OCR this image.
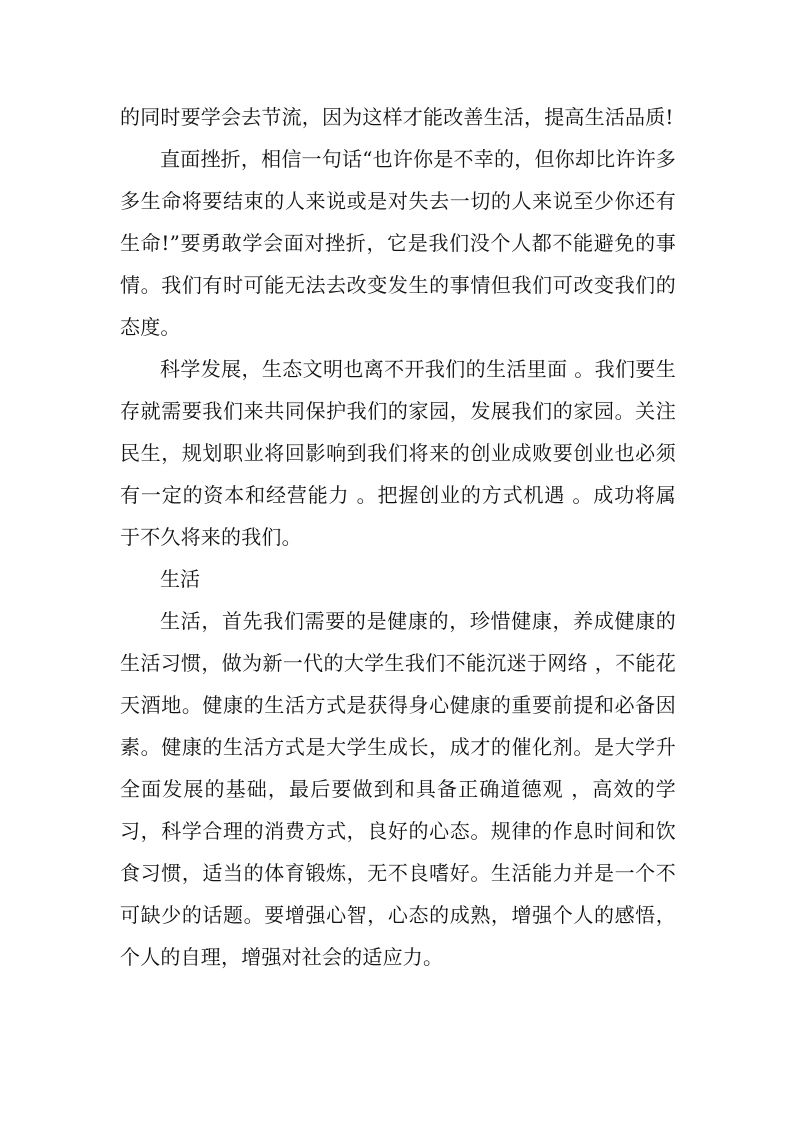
的同时要学会去节流，因为这样才能改善生活，提高生活品质!

直面挫折，相信一句话“也许你是不幸的，但你却比许许多多生命将要结束的人来说或是对失去一切的人来说至少你还有生命!”要勇敢学会面对挫折，它是我们没个人都不能避免的事情。我们有时可能无法去改变发生的事情但我们可改变我们的态度。

科学发展，生态文明也离不开我们的生活里面 。我们要生存就需要我们来共同保护我们的家园，发展我们的家园。关注民生，规划职业将回影响到我们将来的创业成败要创业也必须有一定的资本和经营能力 。把握创业的方式机遇 。成功将属于不久将来的我们。

生活

生活，首先我们需要的是健康的，珍惜健康，养成健康的生活习惯，做为新一代的大学生我们不能沉迷于网络 ，不能花天酒地。健康的生活方式是获得身心健康的重要前提和必备因素。健康的生活方式是大学生成长，成才的催化剂。是大学升全面发展的基础，最后要做到和具备正确道德观 ，高效的学习，科学合理的消费方式，良好的心态。规律的作息时间和饮食习惯，适当的体育锻炼，无不良嗜好。生活能力并是一个不可缺少的话题。要增强心智，心态的成熟，增强个人的感悟，个人的自理，增强对社会的适应力。
